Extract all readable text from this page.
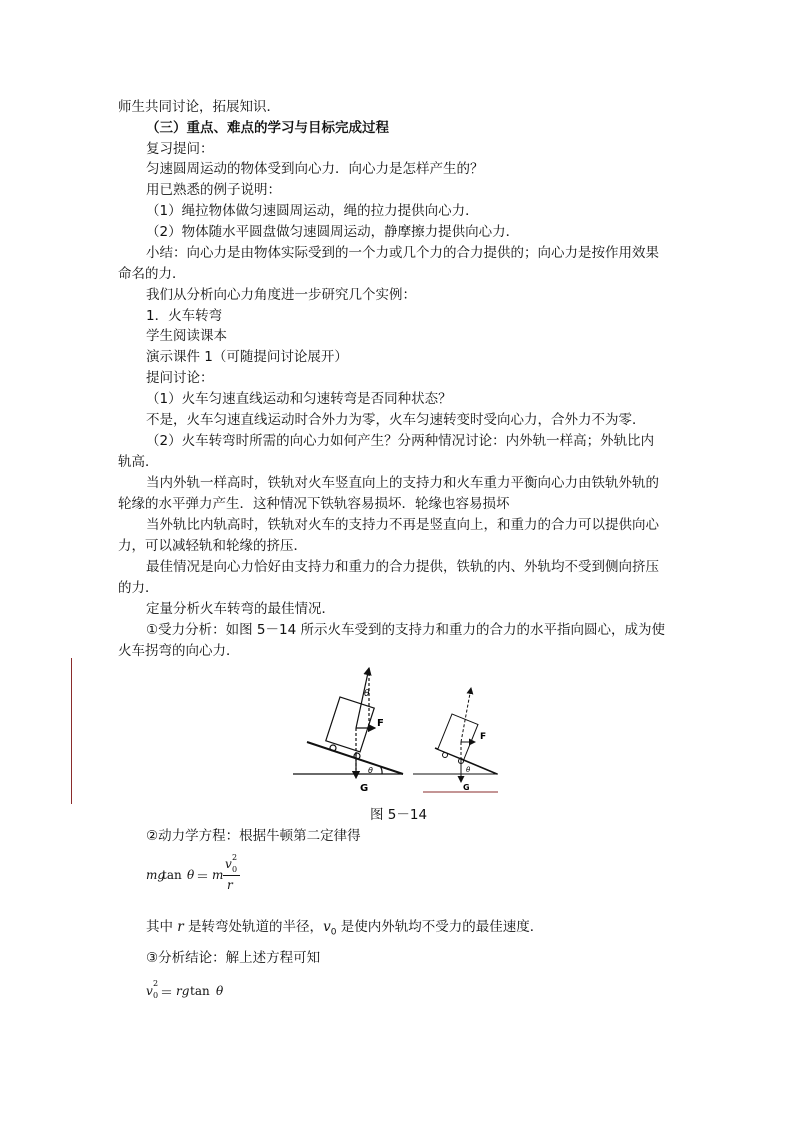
师生共同讨论，拓展知识．
（三）重点、难点的学习与目标完成过程
复习提问：
匀速圆周运动的物体受到向心力．向心力是怎样产生的？
用已熟悉的例子说明：
（1）绳拉物体做匀速圆周运动，绳的拉力提供向心力．
（2）物体随水平圆盘做匀速圆周运动，静摩擦力提供向心力．
小结：向心力是由物体实际受到的一个力或几个力的合力提供的；向心力是按作用效果
命名的力．
我们从分析向心力角度进一步研究几个实例：
1．火车转弯
学生阅读课本
演示课件 1（可随提问讨论展开）
提问讨论：
（1）火车匀速直线运动和匀速转弯是否同种状态？
不是，火车匀速直线运动时合外力为零，火车匀速转变时受向心力，合外力不为零．
（2）火车转弯时所需的向心力如何产生？分两种情况讨论：内外轨一样高；外轨比内
轨高．
当内外轨一样高时，铁轨对火车竖直向上的支持力和火车重力平衡向心力由铁轨外轨的
轮缘的水平弹力产生．这种情况下铁轨容易损坏．轮缘也容易损坏
当外轨比内轨高时，铁轨对火车的支持力不再是竖直向上，和重力的合力可以提供向心
力，可以减轻轨和轮缘的挤压．
最佳情况是向心力恰好由支持力和重力的合力提供，铁轨的内、外轨均不受到侧向挤压
的力．
定量分析火车转弯的最佳情况．
①受力分析：如图 5－14 所示火车受到的支持力和重力的合力的水平指向圆心，成为使
火车拐弯的向心力．
θ
F
G
θ
F
G
θ
图 5－14
②动力学方程：根据牛顿第二定律得
mg
tan θ ＝ m
v 2
0
r
其中 r 是转弯处轨道的半径，$v_0$ 是使内外轨均不受力的最佳速度．
③分析结论：解上述方程可知
v
2
0 ＝ rg tan θ
